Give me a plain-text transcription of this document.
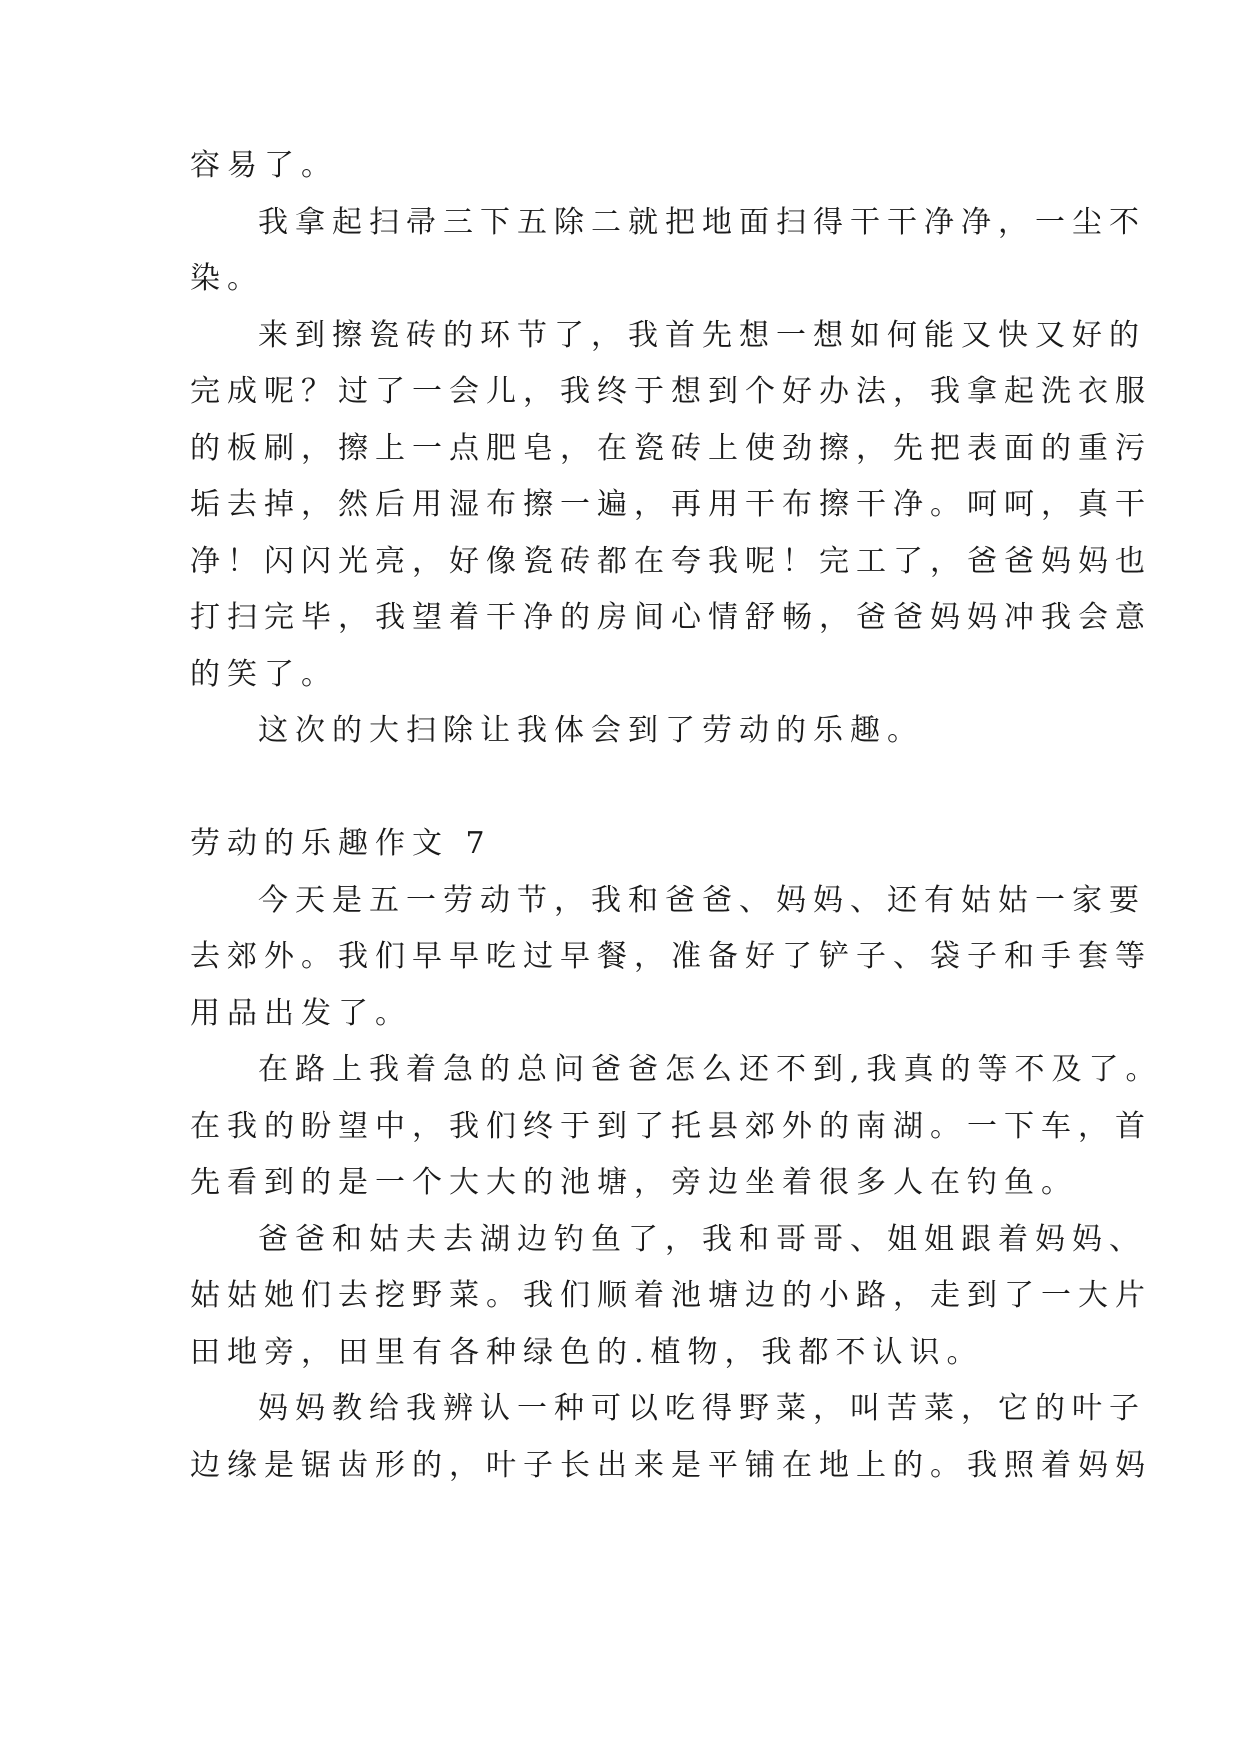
容易了。
我拿起扫帚三下五除二就把地面扫得干干净净，一尘不
染。
来到擦瓷砖的环节了，我首先想一想如何能又快又好的
完成呢？过了一会儿，我终于想到个好办法，我拿起洗衣服
的板刷，擦上一点肥皂，在瓷砖上使劲擦，先把表面的重污
垢去掉，然后用湿布擦一遍，再用干布擦干净。呵呵，真干
净！闪闪光亮，好像瓷砖都在夸我呢！完工了，爸爸妈妈也
打扫完毕，我望着干净的房间心情舒畅，爸爸妈妈冲我会意
的笑了。
这次的大扫除让我体会到了劳动的乐趣。
劳动的乐趣作文 7
今天是五一劳动节，我和爸爸、妈妈、还有姑姑一家要
去郊外。我们早早吃过早餐，准备好了铲子、袋子和手套等
用品出发了。
在路上我着急的总问爸爸怎么还不到,我真的等不及了。
在我的盼望中，我们终于到了托县郊外的南湖。一下车，首
先看到的是一个大大的池塘，旁边坐着很多人在钓鱼。
爸爸和姑夫去湖边钓鱼了，我和哥哥、姐姐跟着妈妈、
姑姑她们去挖野菜。我们顺着池塘边的小路，走到了一大片
田地旁，田里有各种绿色的.植物，我都不认识。
妈妈教给我辨认一种可以吃得野菜，叫苦菜，它的叶子
边缘是锯齿形的，叶子长出来是平铺在地上的。我照着妈妈
